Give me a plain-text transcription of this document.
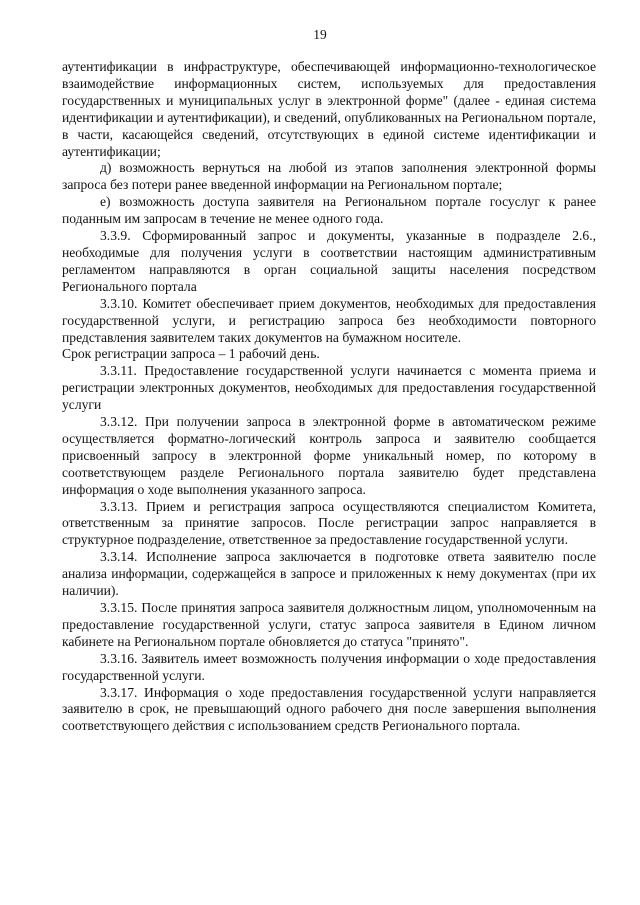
19

аутентификации в инфраструктуре, обеспечивающей информационно-технологическое взаимодействие информационных систем, используемых для предоставления государственных и муниципальных услуг в электронной форме" (далее - единая система идентификации и аутентификации), и сведений, опубликованных на Региональном портале, в части, касающейся сведений, отсутствующих в единой системе идентификации и аутентификации;

д) возможность вернуться на любой из этапов заполнения электронной формы запроса без потери ранее введенной информации на Региональном портале;

е) возможность доступа заявителя на Региональном портале госуслуг к ранее поданным им запросам в течение не менее одного года.

3.3.9. Сформированный запрос и документы, указанные в подразделе 2.6., необходимые для получения услуги в соответствии настоящим административным регламентом направляются в орган социальной защиты населения посредством Регионального портала

3.3.10. Комитет обеспечивает прием документов, необходимых для предоставления государственной услуги, и регистрацию запроса без необходимости повторного представления заявителем таких документов на бумажном носителе.

Срок регистрации запроса – 1 рабочий день.

3.3.11. Предоставление государственной услуги начинается с момента приема и регистрации электронных документов, необходимых для предоставления государственной услуги

3.3.12. При получении запроса в электронной форме в автоматическом режиме осуществляется форматно-логический контроль запроса и заявителю сообщается присвоенный запросу в электронной форме уникальный номер, по которому в соответствующем разделе Регионального портала заявителю будет представлена информация о ходе выполнения указанного запроса.

3.3.13. Прием и регистрация запроса осуществляются специалистом Комитета, ответственным за принятие запросов. После регистрации запрос направляется в структурное подразделение, ответственное за предоставление государственной услуги.

3.3.14. Исполнение запроса заключается в подготовке ответа заявителю после анализа информации, содержащейся в запросе и приложенных к нему документах (при их наличии).

3.3.15. После принятия запроса заявителя должностным лицом, уполномоченным на предоставление государственной услуги, статус запроса заявителя в Едином личном кабинете на Региональном портале обновляется до статуса "принято".

3.3.16. Заявитель имеет возможность получения информации о ходе предоставления государственной услуги.

3.3.17. Информация о ходе предоставления государственной услуги направляется заявителю в срок, не превышающий одного рабочего дня после завершения выполнения соответствующего действия с использованием средств Регионального портала.
